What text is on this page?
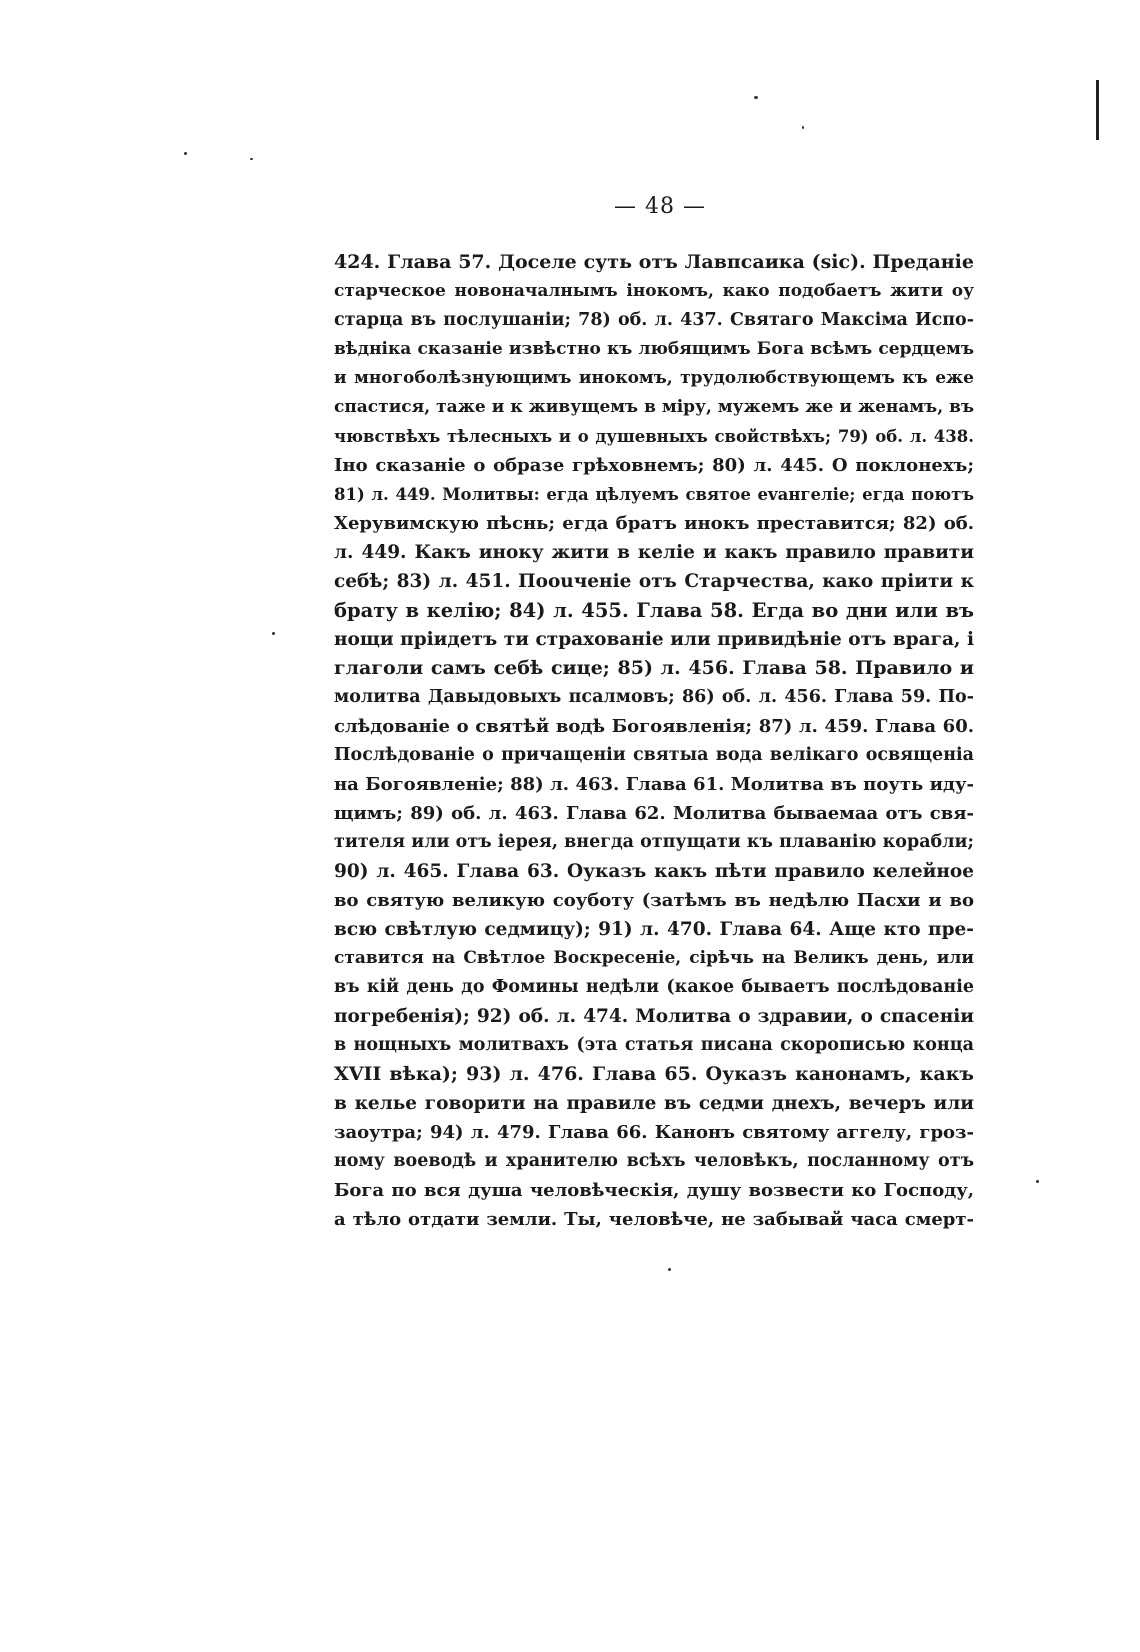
— 48 —
424. Глава 57. Доселе суть отъ Лавпсаика (sic). Преданіе
старческое новоначалнымъ інокомъ, како подобаетъ жити оу
старца въ послушаніи; 78) об. л. 437. Святаго Максіма Испо-
вѣдніка сказаніе извѣстно къ любящимъ Бога всѣмъ сердцемъ
и многоболѣзнующимъ инокомъ, трудолюбствующемъ къ еже
спастися, таже и к живущемъ в міру, мужемъ же и женамъ, въ
чювствѣхъ тѣлесныхъ и о душевныхъ свойствѣхъ; 79) об. л. 438.
Іно сказаніе о образе грѣховнемъ; 80) л. 445. О поклонехъ;
81) л. 449. Молитвы: егда цѣлуемъ святое еvангеліе; егда поютъ
Херувимскую пѣснь; егда братъ инокъ преставится; 82) об.
л. 449. Какъ иноку жити в келіе и какъ правило правити
себѣ; 83) л. 451. Поouченіе отъ Старчества, како пріити к
брату в келію; 84) л. 455. Глава 58. Егда во дни или въ
нощи пріидетъ ти страхованіе или привидѣніе отъ врага, і
глаголи самъ себѣ сице; 85) л. 456. Глава 58. Правило и
молитва Давыдовыхъ псалмовъ; 86) об. л. 456. Глава 59. По-
слѣдованіе о святѣй водѣ Богоявленія; 87) л. 459. Глава 60.
Послѣдованіе о причащеніи святыа вода велікаго освященіа
на Богоявленіе; 88) л. 463. Глава 61. Молитва въ поуть иду-
щимъ; 89) об. л. 463. Глава 62. Молитва бываемаа отъ свя-
тителя или отъ іерея, внегда отпущати къ плаванію корабли;
90) л. 465. Глава 63. Оуказъ какъ пѣти правило келейное
во святую великую соуботу (затѣмъ въ недѣлю Пасхи и во
всю свѣтлую седмицу); 91) л. 470. Глава 64. Аще кто пре-
ставится на Свѣтлое Воскресеніе, сірѣчь на Великъ день, или
въ кій день до Фомины недѣли (какое бываетъ послѣдованіе
погребенія); 92) об. л. 474. Молитва о здравии, о спасеніи
в нощныхъ молитвахъ (эта статья писана скорописью конца
XVII вѣка); 93) л. 476. Глава 65. Оуказъ канонамъ, какъ
в келье говорити на правиле въ седми днехъ, вечеръ или
заоутра; 94) л. 479. Глава 66. Канонъ святому аггелу, гроз-
ному воеводѣ и хранителю всѣхъ человѣкъ, посланному отъ
Бога по вся душа человѣческія, душу возвести ко Господу,
а тѣло отдати земли. Ты, человѣче, не забывай часа смерт-
